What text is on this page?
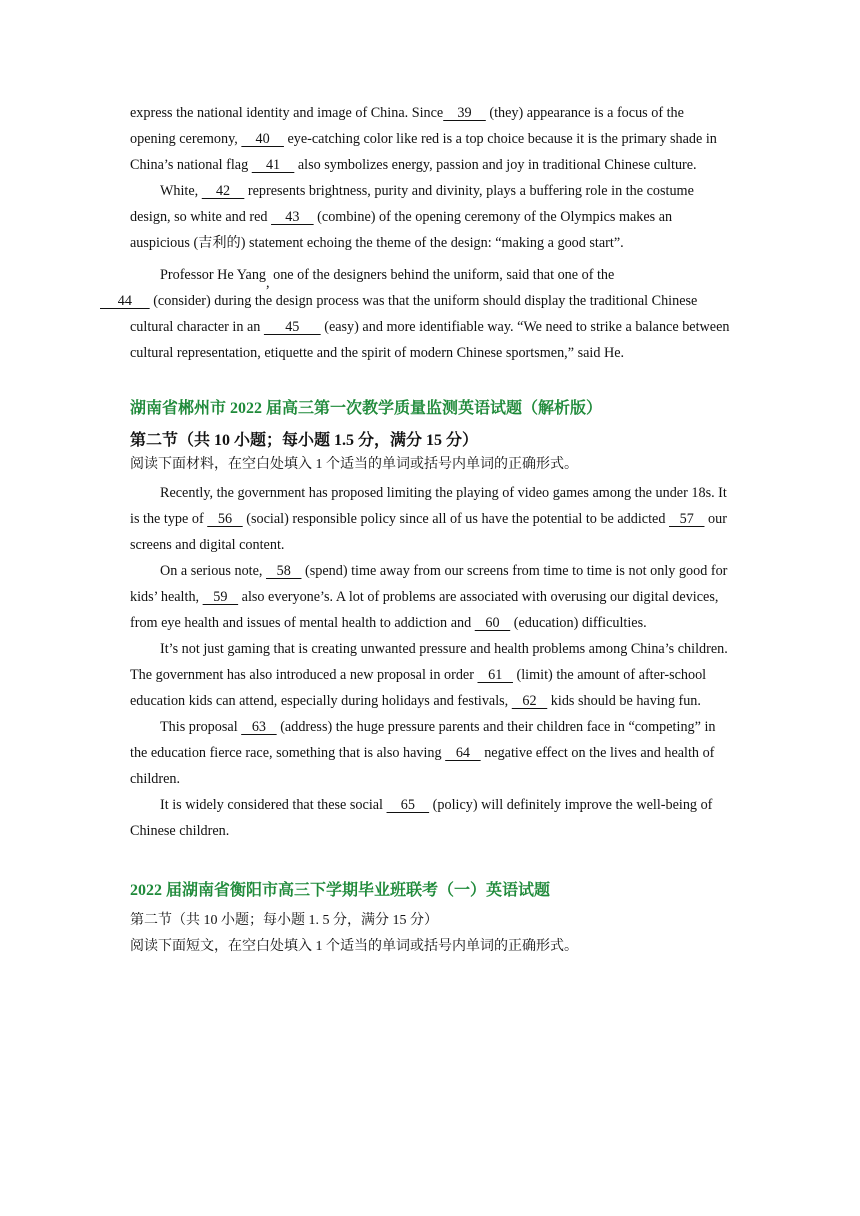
express the national identity and image of China. Since    39     (they) appearance is a focus of the opening ceremony,     40     eye-catching color like red is a top choice because it is the primary shade in China’s national flag     41     also symbolizes energy, passion and joy in traditional Chinese culture.

White,     42     represents brightness, purity and divinity, plays a buffering role in the costume design, so white and red     43     (combine) of the opening ceremony of the Olympics makes an auspicious (吉利的) statement echoing the theme of the design: “making a good start”.

Professor He Yang, one of the designers behind the uniform, said that one of the
44      (consider) during the design process was that the uniform should display the traditional Chinese cultural character in an       45       (easy) and more identifiable way. “We need to strike a balance between cultural representation, etiquette and the spirit of modern Chinese sportsmen,” said He.

湖南省郴州市 2022 届高三第一次教学质量监测英语试题（解析版）

第二节（共 10 小题；每小题 1.5 分，满分 15 分）

阅读下面材料，在空白处填入 1 个适当的单词或括号内单词的正确形式。

Recently, the government has proposed limiting the playing of video games among the under 18s. It is the type of    56    (social) responsible policy since all of us have the potential to be addicted    57    our screens and digital content.

On a serious note,    58    (spend) time away from our screens from time to time is not only good for kids’ health,    59    also everyone’s. A lot of problems are associated with overusing our digital devices, from eye health and issues of mental health to addiction and    60    (education) difficulties.

It’s not just gaming that is creating unwanted pressure and health problems among China’s children. The government has also introduced a new proposal in order    61    (limit) the amount of after-school education kids can attend, especially during holidays and festivals,    62    kids should be having fun.

This proposal    63    (address) the huge pressure parents and their children face in “competing” in the education fierce race, something that is also having    64    negative effect on the lives and health of children.

It is widely considered that these social     65     (policy) will definitely improve the well-being of Chinese children.

2022 届湖南省衡阳市高三下学期毕业班联考（一）英语试题

第二节（共 10 小题；每小题 1. 5 分，满分 15 分）

阅读下面短文，在空白处填入 1 个适当的单词或括号内单词的正确形式。
